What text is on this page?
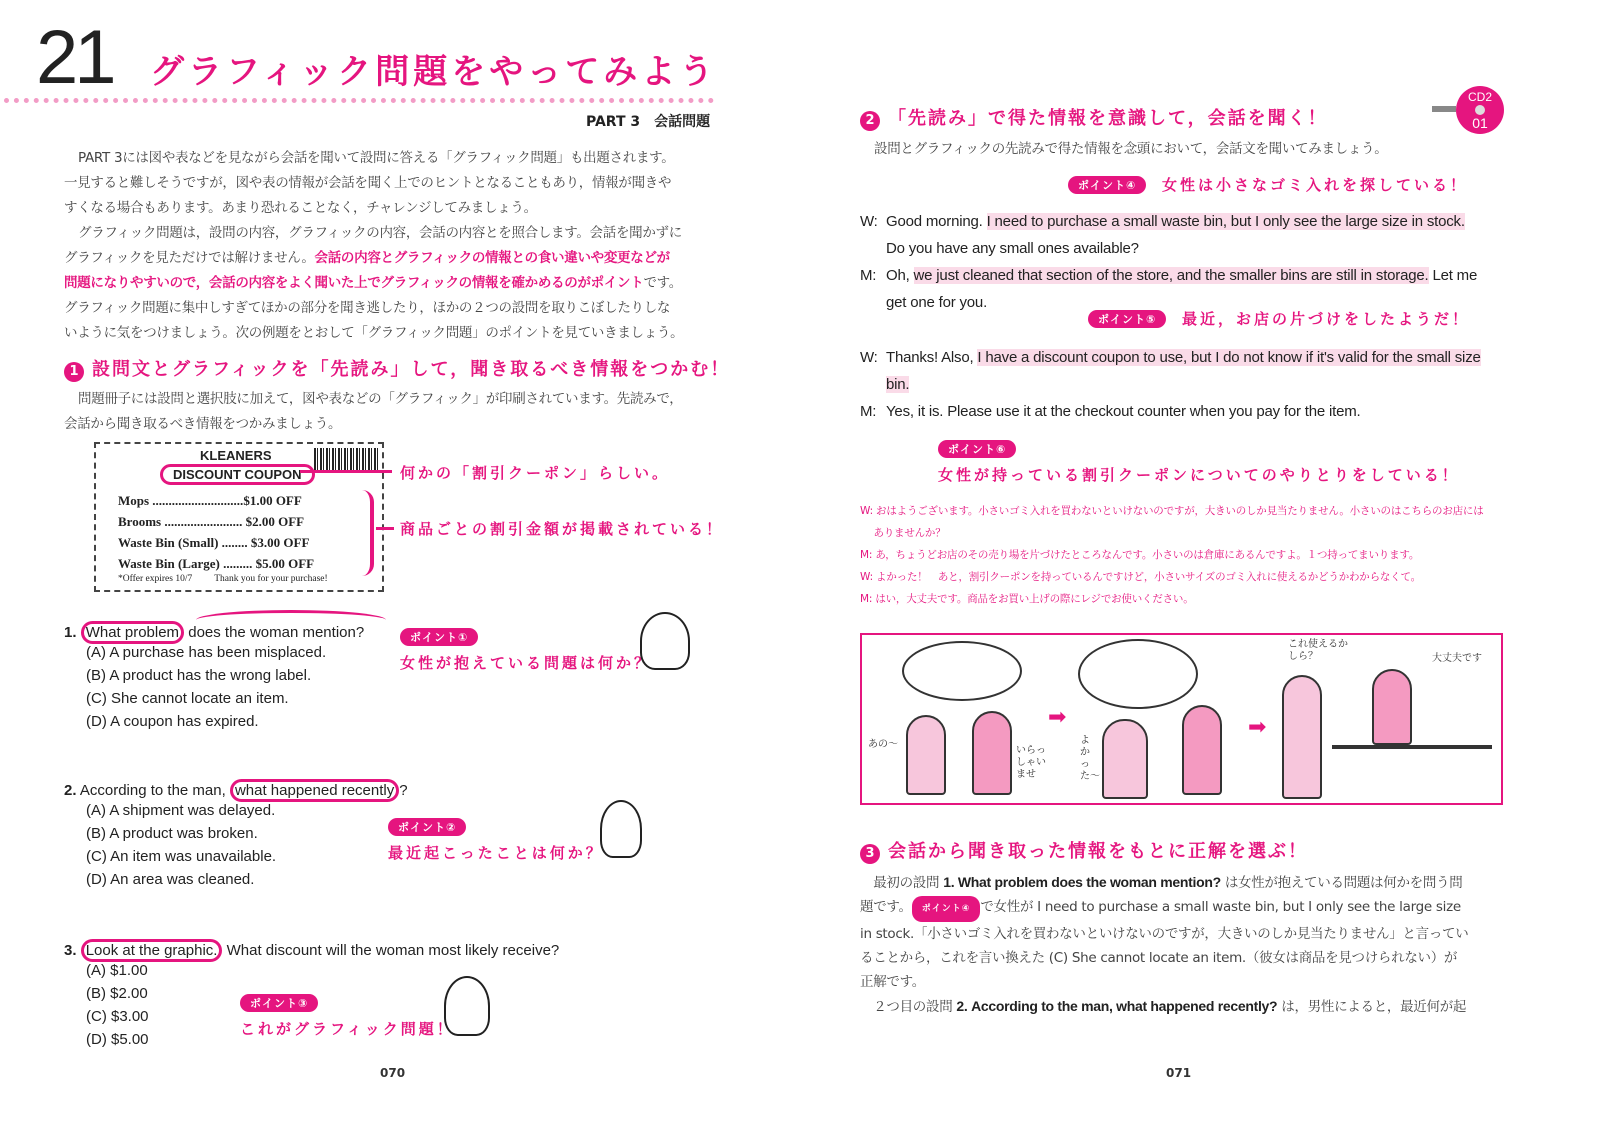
21 グラフィック問題をやってみよう
PART 3　会話問題
PART 3には図や表などを見ながら会話を聞いて設問に答える「グラフィック問題」も出題されます。
一見すると難しそうですが，図や表の情報が会話を聞く上でのヒントとなることもあり，情報が聞きや
すくなる場合もあります。あまり恐れることなく，チャレンジしてみましょう。
グラフィック問題は，設問の内容，グラフィックの内容，会話の内容とを照合します。会話を聞かずに
グラフィックを見ただけでは解けません。会話の内容とグラフィックの情報との食い違いや変更などが
問題になりやすいので，会話の内容をよく聞いた上でグラフィックの情報を確かめるのがポイントです。
グラフィック問題に集中しすぎてほかの部分を聞き逃したり，ほかの２つの設問を取りこぼしたりしな
いように気をつけましょう。次の例題をとおして「グラフィック問題」のポイントを見ていきましょう。
1 設問文とグラフィックを「先読み」して，聞き取るべき情報をつかむ！
問題冊子には設問と選択肢に加えて，図や表などの「グラフィック」が印刷されています。先読みで，
会話から聞き取るべき情報をつかみましょう。
KLEANERS
DISCOUNT COUPON
Mops ............................$1.00 OFF
Brooms ........................ $2.00 OFF
Waste Bin (Small) ........ $3.00 OFF
Waste Bin (Large) ......... $5.00 OFF
*Offer expires 10/7 Thank you for your purchase!
何かの「割引クーポン」らしい。
商品ごとの割引金額が掲載されている！
1. What problem does the woman mention?
(A) A purchase has been misplaced.
(B) A product has the wrong label.
(C) She cannot locate an item.
(D) A coupon has expired.
ポイント①
女性が抱えている問題は何か？
2. According to the man, what happened recently ?
(A) A shipment was delayed.
(B) A product was broken.
(C) An item was unavailable.
(D) An area was cleaned.
ポイント②
最近起こったことは何か？
3. Look at the graphic. What discount will the woman most likely receive?
(A) $1.00
(B) $2.00
(C) $3.00
(D) $5.00
ポイント③
これがグラフィック問題！
070
CD2
01
2 「先読み」で得た情報を意識して，会話を聞く！
設問とグラフィックの先読みで得た情報を念頭において，会話文を聞いてみましょう。
ポイント④	女性は小さなゴミ入れを探している！
W: Good morning. I need to purchase a small waste bin, but I only see the large size in stock.
Do you have any small ones available?
M: Oh, we just cleaned that section of the store, and the smaller bins are still in storage. Let me
get one for you.
W: Thanks! Also, I have a discount coupon to use, but I do not know if it's valid for the small size
bin.
M: Yes, it is. Please use it at the checkout counter when you pay for the item.
ポイント⑤	最近，お店の片づけをしたようだ！
ポイント⑥
女性が持っている割引クーポンについてのやりとりをしている！
W: おはようございます。小さいゴミ入れを買わないといけないのですが，大きいのしか見当たりません。小さいのはこちらのお店には
　 ありませんか？
M: あ，ちょうどお店のその売り場を片づけたところなんです。小さいのは倉庫にあるんですよ。１つ持ってまいります。
W: よかった！　あと，割引クーポンを持っているんですけど，小さいサイズのゴミ入れに使えるかどうかわからなくて。
M: はい，大丈夫です。商品をお買い上げの際にレジでお使いください。
あの〜
いらっしゃいませ
➡
よかった〜
➡
これ使えるかしら？	大丈夫です
3 会話から聞き取った情報をもとに正解を選ぶ！
　最初の設問 1. What problem does the woman mention? は女性が抱えている問題は何かを問う問
題です。 ポイント④ で女性が I need to purchase a small waste bin, but I only see the large size
in stock.「小さいゴミ入れを買わないといけないのですが，大きいのしか見当たりません」と言ってい
ることから，これを言い換えた (C) She cannot locate an item.（彼女は商品を見つけられない）が
正解です。
　２つ目の設問 2. According to the man, what happened recently? は，男性によると，最近何が起
071
